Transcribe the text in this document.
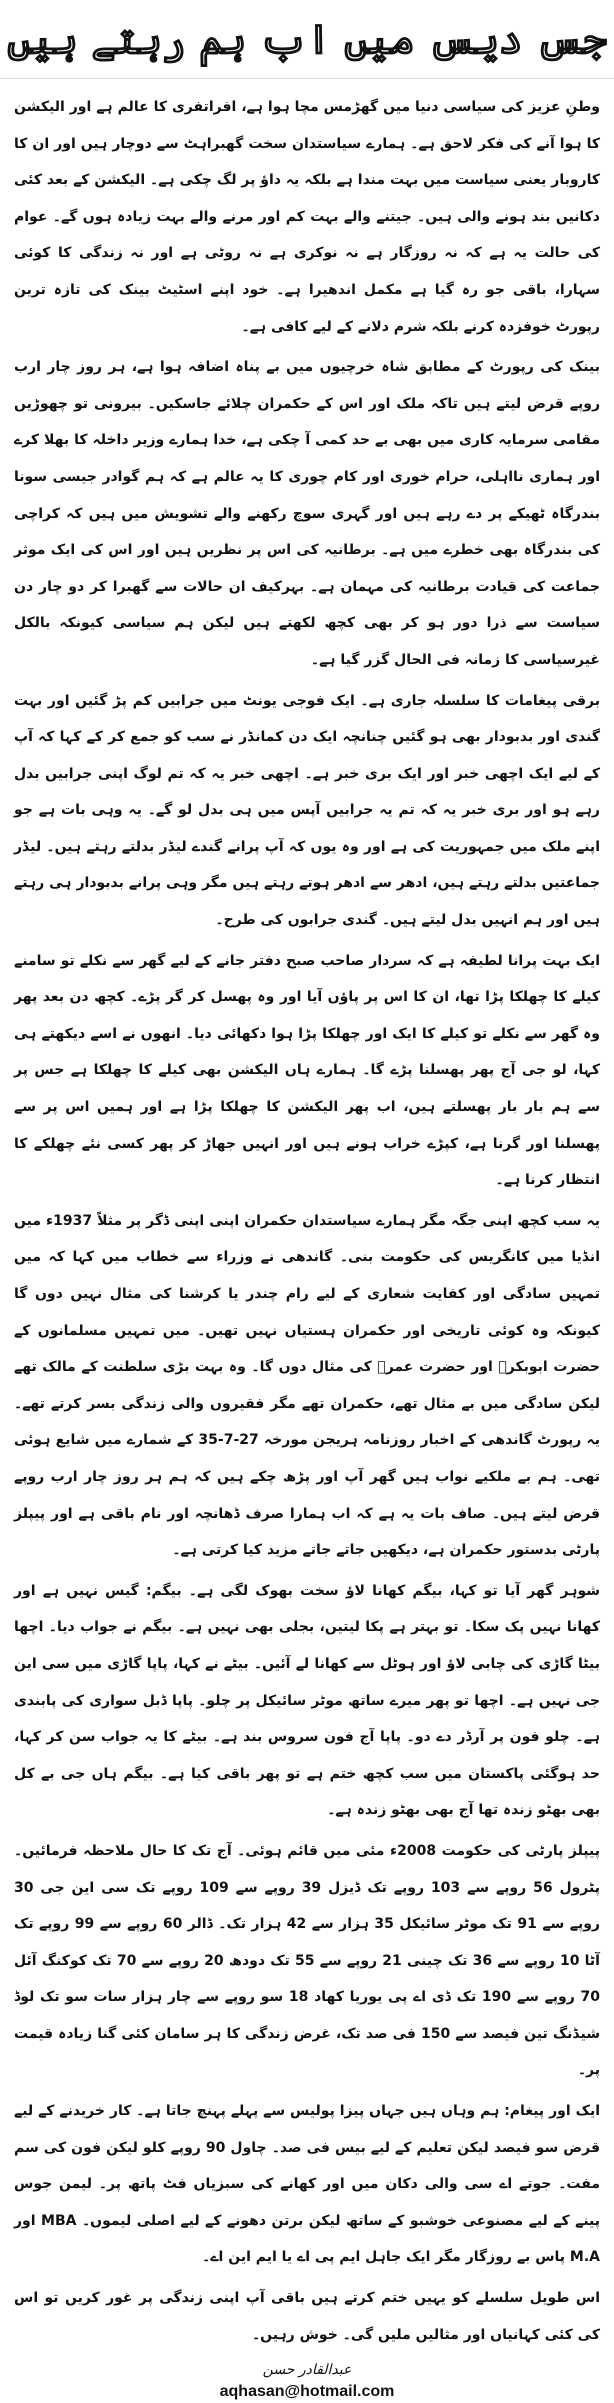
جس دیس میں اب ہم رہتے ہیں

وطنِ عزیز کی سیاسی دنیا میں گھڑمس مچا ہوا ہے، افراتفری کا عالم ہے اور الیکشن کا ہوا آنے کی فکر لاحق ہے۔ ہمارے سیاستدان سخت گھبراہٹ سے دوچار ہیں اور ان کا کاروبار یعنی سیاست میں بہت مندا ہے بلکہ یہ داؤ پر لگ چکی ہے۔ الیکشن کے بعد کئی دکانیں بند ہونے والی ہیں۔ جیتنے والے بہت کم اور مرنے والے بہت زیادہ ہوں گے۔ عوام کی حالت یہ ہے کہ نہ روزگار ہے نہ نوکری ہے نہ روٹی ہے اور نہ زندگی کا کوئی سہارا، باقی جو رہ گیا ہے مکمل اندھیرا ہے۔ خود اپنے اسٹیٹ بینک کی تازہ ترین رپورٹ خوفزدہ کرنے بلکہ شرم دلانے کے لیے کافی ہے۔

بینک کی رپورٹ کے مطابق شاہ خرچیوں میں بے پناہ اضافہ ہوا ہے، ہر روز چار ارب روپے قرض لیتے ہیں تاکہ ملک اور اس کے حکمران چلائے جاسکیں۔ بیرونی تو چھوڑیں مقامی سرمایہ کاری میں بھی بے حد کمی آ چکی ہے، خدا ہمارے وزیر داخلہ کا بھلا کرے اور ہماری نااہلی، حرام خوری اور کام چوری کا یہ عالم ہے کہ ہم گوادر جیسی سونا بندرگاہ ٹھیکے پر دے رہے ہیں اور گہری سوچ رکھنے والے تشویش میں ہیں کہ کراچی کی بندرگاہ بھی خطرے میں ہے۔ برطانیہ کی اس پر نظریں ہیں اور اس کی ایک موثر جماعت کی قیادت برطانیہ کی مہمان ہے۔ بہرکیف ان حالات سے گھبرا کر دو چار دن سیاست سے ذرا دور ہو کر بھی کچھ لکھتے ہیں لیکن ہم سیاسی کیونکہ بالکل غیرسیاسی کا زمانہ فی الحال گزر گیا ہے۔

برقی پیغامات کا سلسلہ جاری ہے۔ ایک فوجی یونٹ میں جرابیں کم پڑ گئیں اور بہت گندی اور بدبودار بھی ہو گئیں چنانچہ ایک دن کمانڈر نے سب کو جمع کر کے کہا کہ آپ کے لیے ایک اچھی خبر اور ایک بری خبر ہے۔ اچھی خبر یہ کہ تم لوگ اپنی جرابیں بدل رہے ہو اور بری خبر یہ کہ تم یہ جرابیں آپس میں ہی بدل لو گے۔ یہ وہی بات ہے جو اپنے ملک میں جمہوریت کی ہے اور وہ یوں کہ آپ پرانے گندے لیڈر بدلتے رہتے ہیں۔ لیڈر جماعتیں بدلتے رہتے ہیں، ادھر سے ادھر ہوتے رہتے ہیں مگر وہی پرانے بدبودار ہی رہتے ہیں اور ہم انہیں بدل لیتے ہیں۔ گندی جرابوں کی طرح۔

ایک بہت پرانا لطیفہ ہے کہ سردار صاحب صبح دفتر جانے کے لیے گھر سے نکلے تو سامنے کیلے کا چھلکا پڑا تھا، ان کا اس پر پاؤں آیا اور وہ پھسل کر گر پڑے۔ کچھ دن بعد پھر وہ گھر سے نکلے تو کیلے کا ایک اور چھلکا پڑا ہوا دکھائی دیا۔ انھوں نے اسے دیکھتے ہی کہا، لو جی آج پھر پھسلنا پڑے گا۔ ہمارے ہاں الیکشن بھی کیلے کا چھلکا ہے جس پر سے ہم بار بار پھسلتے ہیں، اب پھر الیکشن کا چھلکا پڑا ہے اور ہمیں اس پر سے پھسلنا اور گرنا ہے، کپڑے خراب ہونے ہیں اور انہیں جھاڑ کر پھر کسی نئے چھلکے کا انتظار کرنا ہے۔

یہ سب کچھ اپنی جگہ مگر ہمارے سیاستدان حکمران اپنی اپنی ڈگر پر مثلاً 1937ء میں انڈیا میں کانگریس کی حکومت بنی۔ گاندھی نے وزراء سے خطاب میں کہا کہ میں تمہیں سادگی اور کفایت شعاری کے لیے رام چندر یا کرشنا کی مثال نہیں دوں گا کیونکہ وہ کوئی تاریخی اور حکمران ہستیاں نہیں تھیں۔ میں تمہیں مسلمانوں کے حضرت ابوبکرؓ اور حضرت عمرؓ کی مثال دوں گا۔ وہ بہت بڑی سلطنت کے مالک تھے لیکن سادگی میں بے مثال تھے، حکمران تھے مگر فقیروں والی زندگی بسر کرتے تھے۔ یہ رپورٹ گاندھی کے اخبار روزنامہ ہریجن مورخہ 27-7-35 کے شمارے میں شایع ہوئی تھی۔ ہم بے ملکیے نواب ہیں گھر آپ اور پڑھ چکے ہیں کہ ہم ہر روز چار ارب روپے قرض لیتے ہیں۔ صاف بات یہ ہے کہ اب ہمارا صرف ڈھانچہ اور نام باقی ہے اور پیپلز پارٹی بدستور حکمران ہے، دیکھیں جاتے جاتے مزید کیا کرتی ہے۔

شوہر گھر آیا تو کہا، بیگم کھانا لاؤ سخت بھوک لگی ہے۔ بیگم: گیس نہیں ہے اور کھانا نہیں پک سکا۔ تو بہتر ہے پکا لیتیں، بجلی بھی نہیں ہے۔ بیگم نے جواب دیا۔ اچھا بیٹا گاڑی کی چابی لاؤ اور ہوٹل سے کھانا لے آئیں۔ بیٹے نے کہا، پاپا گاڑی میں سی این جی نہیں ہے۔ اچھا تو پھر میرے ساتھ موٹر سائیکل پر چلو۔ پاپا ڈبل سواری کی پابندی ہے۔ چلو فون پر آرڈر دے دو۔ پاپا آج فون سروس بند ہے۔ بیٹے کا یہ جواب سن کر کہا، حد ہوگئی پاکستان میں سب کچھ ختم ہے تو پھر باقی کیا ہے۔ بیگم ہاں جی بے کل بھی بھٹو زندہ تھا آج بھی بھٹو زندہ ہے۔

پیپلز پارٹی کی حکومت 2008ء مئی میں قائم ہوئی۔ آج تک کا حال ملاحظہ فرمائیں۔ پٹرول 56 روپے سے 103 روپے تک ڈیزل 39 روپے سے 109 روپے تک سی این جی 30 روپے سے 91 تک موٹر سائیکل 35 ہزار سے 42 ہزار تک۔ ڈالر 60 روپے سے 99 روپے تک آٹا 10 روپے سے 36 تک چینی 21 روپے سے 55 تک دودھ 20 روپے سے 70 تک کوکنگ آئل 70 روپے سے 190 تک ڈی اے پی یوریا کھاد 18 سو روپے سے چار ہزار سات سو تک لوڈ شیڈنگ تین فیصد سے 150 فی صد تک، غرض زندگی کا ہر سامان کئی گنا زیادہ قیمت پر۔

ایک اور پیغام: ہم وہاں ہیں جہاں پیزا پولیس سے پہلے پہنچ جاتا ہے۔ کار خریدنے کے لیے قرض سو فیصد لیکن تعلیم کے لیے بیس فی صد۔ چاول 90 روپے کلو لیکن فون کی سم مفت۔ جوتے اے سی والی دکان میں اور کھانے کی سبزیاں فٹ پاتھ پر۔ لیمن جوس پینے کے لیے مصنوعی خوشبو کے ساتھ لیکن برتن دھونے کے لیے اصلی لیموں۔ MBA اور M.A پاس بے روزگار مگر ایک جاہل ایم پی اے یا ایم این اے۔

اس طویل سلسلے کو یہیں ختم کرتے ہیں باقی آپ اپنی زندگی پر غور کریں تو اس کی کئی کہانیاں اور مثالیں ملیں گی۔ خوش رہیں۔

عبدالقادر حسن
aqhasan@hotmail.com
